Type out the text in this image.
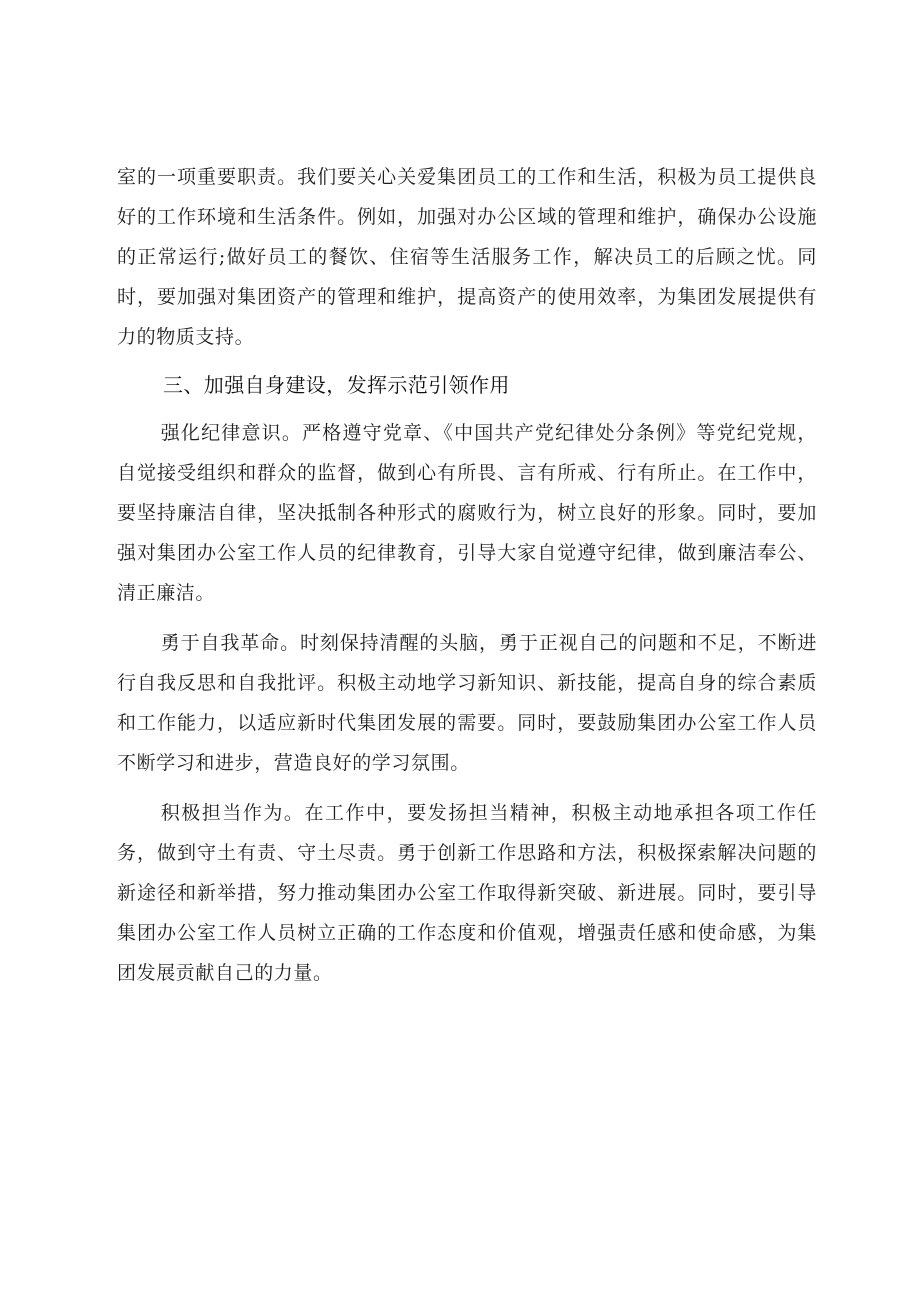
室的一项重要职责。我们要关心关爱集团员工的工作和生活，积极为员工提供良好的工作环境和生活条件。例如，加强对办公区域的管理和维护，确保办公设施的正常运行;做好员工的餐饮、住宿等生活服务工作，解决员工的后顾之忧。同时，要加强对集团资产的管理和维护，提高资产的使用效率，为集团发展提供有力的物质支持。

三、加强自身建设，发挥示范引领作用

强化纪律意识。严格遵守党章、《中国共产党纪律处分条例》等党纪党规，自觉接受组织和群众的监督，做到心有所畏、言有所戒、行有所止。在工作中，要坚持廉洁自律，坚决抵制各种形式的腐败行为，树立良好的形象。同时，要加强对集团办公室工作人员的纪律教育，引导大家自觉遵守纪律，做到廉洁奉公、清正廉洁。

勇于自我革命。时刻保持清醒的头脑，勇于正视自己的问题和不足，不断进行自我反思和自我批评。积极主动地学习新知识、新技能，提高自身的综合素质和工作能力，以适应新时代集团发展的需要。同时，要鼓励集团办公室工作人员不断学习和进步，营造良好的学习氛围。

积极担当作为。在工作中，要发扬担当精神，积极主动地承担各项工作任务，做到守土有责、守土尽责。勇于创新工作思路和方法，积极探索解决问题的新途径和新举措，努力推动集团办公室工作取得新突破、新进展。同时，要引导集团办公室工作人员树立正确的工作态度和价值观，增强责任感和使命感，为集团发展贡献自己的力量。
